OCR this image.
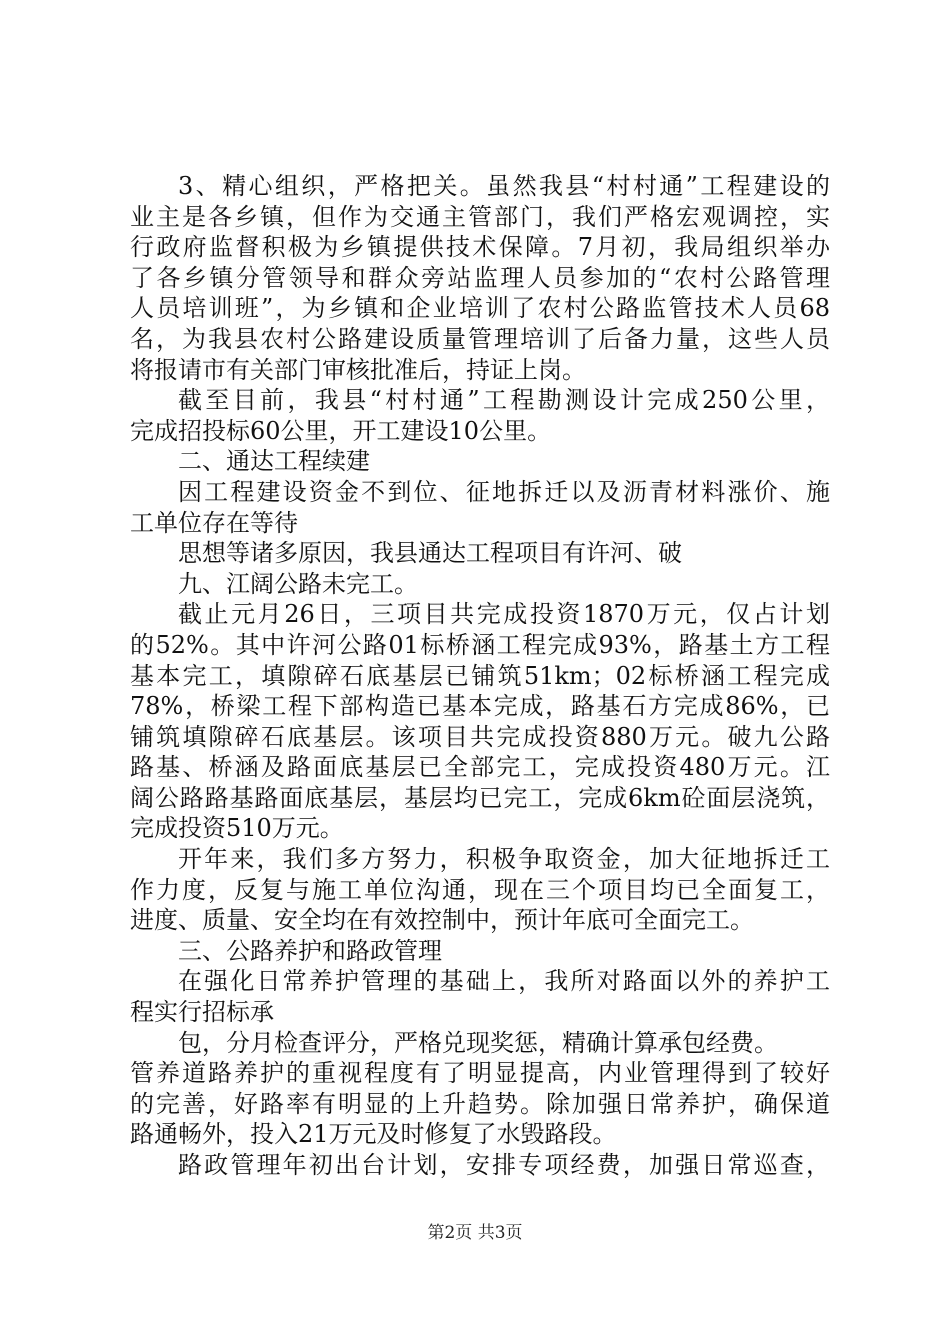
3、精心组织，严格把关。虽然我县“村村通”工程建设的
业主是各乡镇，但作为交通主管部门，我们严格宏观调控，实
行政府监督积极为乡镇提供技术保障。7月初，我局组织举办
了各乡镇分管领导和群众旁站监理人员参加的“农村公路管理
人员培训班”，为乡镇和企业培训了农村公路监管技术人员68
名，为我县农村公路建设质量管理培训了后备力量，这些人员
将报请市有关部门审核批准后，持证上岗。
截至目前，我县“村村通”工程勘测设计完成250公里，
完成招投标60公里，开工建设10公里。
二、通达工程续建
因工程建设资金不到位、征地拆迁以及沥青材料涨价、施
工单位存在等待
思想等诸多原因，我县通达工程项目有许河、破
九、江阔公路未完工。
截止元月26日，三项目共完成投资1870万元，仅占计划
的52%。其中许河公路01标桥涵工程完成93%，路基土方工程
基本完工，填隙碎石底基层已铺筑51km；02标桥涵工程完成
78%，桥梁工程下部构造已基本完成，路基石方完成86%，已
铺筑填隙碎石底基层。该项目共完成投资880万元。破九公路
路基、桥涵及路面底基层已全部完工，完成投资480万元。江
阔公路路基路面底基层，基层均已完工，完成6km砼面层浇筑，
完成投资510万元。
开年来，我们多方努力，积极争取资金，加大征地拆迁工
作力度，反复与施工单位沟通，现在三个项目均已全面复工，
进度、质量、安全均在有效控制中，预计年底可全面完工。
三、公路养护和路政管理
在强化日常养护管理的基础上，我所对路面以外的养护工
程实行招标承
包，分月检查评分，严格兑现奖惩，精确计算承包经费。
管养道路养护的重视程度有了明显提高，内业管理得到了较好
的完善，好路率有明显的上升趋势。除加强日常养护，确保道
路通畅外，投入21万元及时修复了水毁路段。
路政管理年初出台计划，安排专项经费，加强日常巡查，
第2页 共3页
